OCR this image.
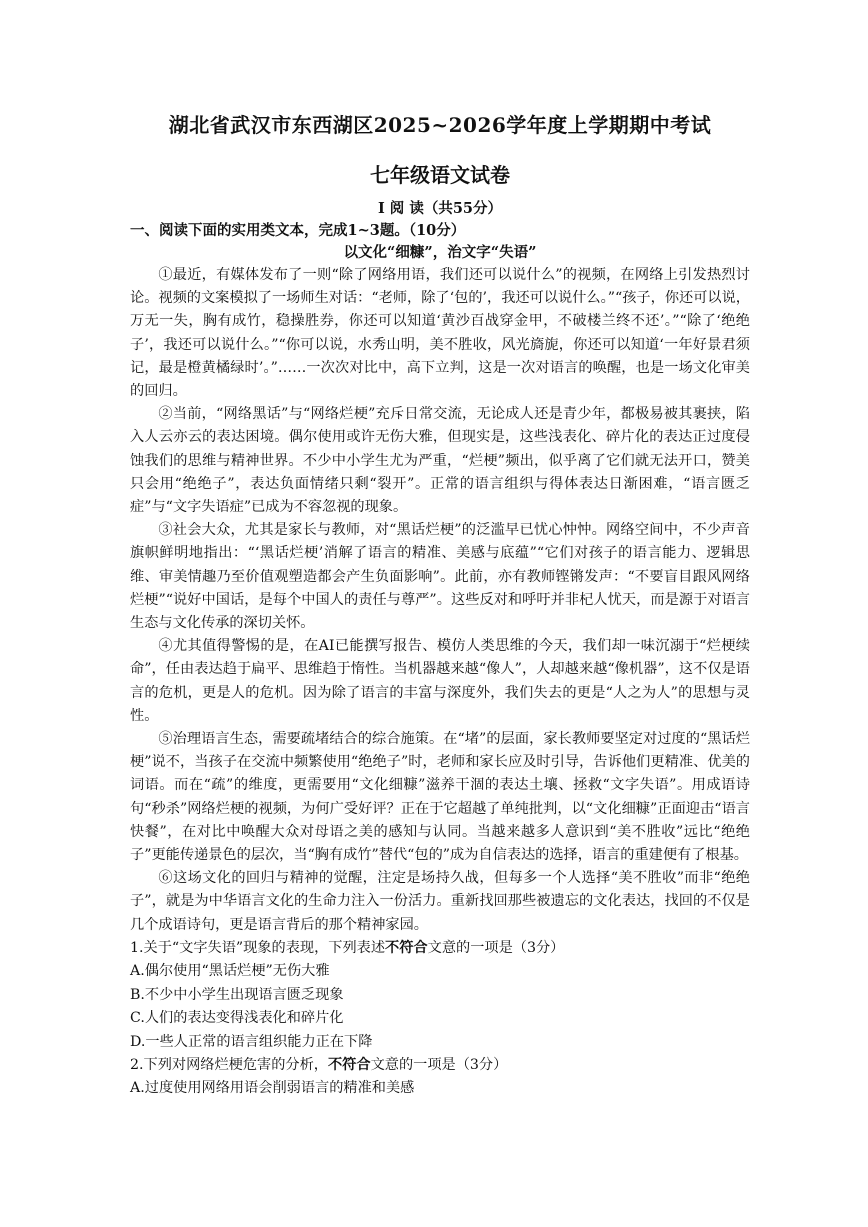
湖北省武汉市东西湖区2025~2026学年度上学期期中考试
七年级语文试卷
Ⅰ 阅 读（共55分）
一、阅读下面的实用类文本，完成1~3题。（10分）
以文化“细糠”，治文字“失语”

①最近，有媒体发布了一则“除了网络用语，我们还可以说什么”的视频，在网络上引发热烈讨论。视频的文案模拟了一场师生对话：“老师，除了‘包的’，我还可以说什么。”“孩子，你还可以说，万无一失，胸有成竹，稳操胜券，你还可以知道‘黄沙百战穿金甲，不破楼兰终不还’。”“除了‘绝绝子’，我还可以说什么。”“你可以说，水秀山明，美不胜收，风光旖旎，你还可以知道‘一年好景君须记，最是橙黄橘绿时’。”……一次次对比中，高下立判，这是一次对语言的唤醒，也是一场文化审美的回归。

②当前，“网络黑话”与“网络烂梗”充斥日常交流，无论成人还是青少年，都极易被其裹挟，陷入人云亦云的表达困境。偶尔使用或许无伤大雅，但现实是，这些浅表化、碎片化的表达正过度侵蚀我们的思维与精神世界。不少中小学生尤为严重，“烂梗”频出，似乎离了它们就无法开口，赞美只会用“绝绝子”，表达负面情绪只剩“裂开”。正常的语言组织与得体表达日渐困难，“语言匮乏症”与“文字失语症”已成为不容忽视的现象。

③社会大众，尤其是家长与教师，对“黑话烂梗”的泛滥早已忧心忡忡。网络空间中，不少声音旗帜鲜明地指出：“‘黑话烂梗’消解了语言的精准、美感与底蕴”“它们对孩子的语言能力、逻辑思维、审美情趣乃至价值观塑造都会产生负面影响”。此前，亦有教师铿锵发声：“不要盲目跟风网络烂梗”“说好中国话，是每个中国人的责任与尊严”。这些反对和呼吁并非杞人忧天，而是源于对语言生态与文化传承的深切关怀。

④尤其值得警惕的是，在AI已能撰写报告、模仿人类思维的今天，我们却一味沉溺于“烂梗续命”，任由表达趋于扁平、思维趋于惰性。当机器越来越“像人”，人却越来越“像机器”，这不仅是语言的危机，更是人的危机。因为除了语言的丰富与深度外，我们失去的更是“人之为人”的思想与灵性。

⑤治理语言生态，需要疏堵结合的综合施策。在“堵”的层面，家长教师要坚定对过度的“黑话烂梗”说不，当孩子在交流中频繁使用“绝绝子”时，老师和家长应及时引导，告诉他们更精准、优美的词语。而在“疏”的维度，更需要用“文化细糠”滋养干涸的表达土壤、拯救“文字失语”。用成语诗句“秒杀”网络烂梗的视频，为何广受好评？正在于它超越了单纯批判，以“文化细糠”正面迎击“语言快餐”，在对比中唤醒大众对母语之美的感知与认同。当越来越多人意识到“美不胜收”远比“绝绝子”更能传递景色的层次，当“胸有成竹”替代“包的”成为自信表达的选择，语言的重建便有了根基。

⑥这场文化的回归与精神的觉醒，注定是场持久战，但每多一个人选择“美不胜收”而非“绝绝子”，就是为中华语言文化的生命力注入一份活力。重新找回那些被遗忘的文化表达，找回的不仅是几个成语诗句，更是语言背后的那个精神家园。

1.关于“文字失语”现象的表现，下列表述不符合文意的一项是（3分）

A.偶尔使用“黑话烂梗”无伤大雅

B.不少中小学生出现语言匮乏现象

C.人们的表达变得浅表化和碎片化

D.一些人正常的语言组织能力正在下降

2.下列对网络烂梗危害的分析，不符合文意的一项是（3分）

A.过度使用网络用语会削弱语言的精准和美感
